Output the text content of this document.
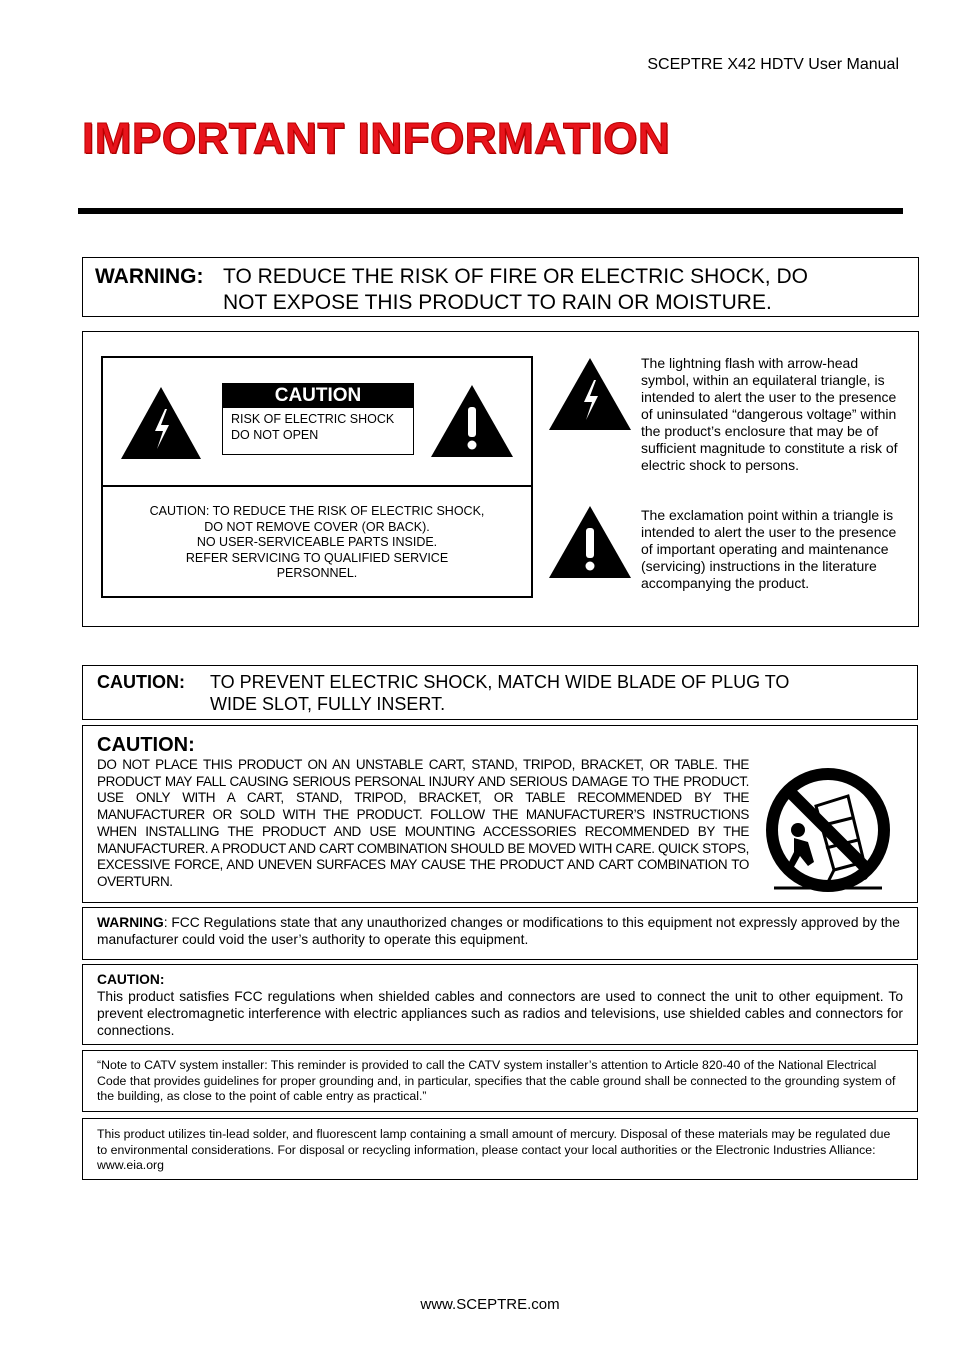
SCEPTRE X42 HDTV User Manual
IMPORTANT INFORMATION
WARNING: TO REDUCE THE RISK OF FIRE OR ELECTRIC SHOCK, DO
NOT EXPOSE THIS PRODUCT TO RAIN OR MOISTURE.
CAUTION
RISK OF ELECTRIC SHOCK
DO NOT OPEN
CAUTION: TO REDUCE THE RISK OF ELECTRIC SHOCK,
DO NOT REMOVE COVER (OR BACK).
NO USER-SERVICEABLE PARTS INSIDE.
REFER SERVICING TO QUALIFIED SERVICE
PERSONNEL.
The lightning flash with arrow-head symbol, within an equilateral triangle, is intended to alert the user to the presence of uninsulated “dangerous voltage” within the product’s enclosure that may be of sufficient magnitude to constitute a risk of electric shock to persons.
The exclamation point within a triangle is intended to alert the user to the presence of important operating and maintenance (servicing) instructions in the literature accompanying the product.
CAUTION:	TO PREVENT ELECTRIC SHOCK, MATCH WIDE BLADE OF PLUG TO
WIDE SLOT, FULLY INSERT.
CAUTION:
DO NOT PLACE THIS PRODUCT ON AN UNSTABLE CART, STAND, TRIPOD, BRACKET, OR TABLE. THE PRODUCT MAY FALL CAUSING SERIOUS PERSONAL INJURY AND SERIOUS DAMAGE TO THE PRODUCT. USE ONLY WITH A CART, STAND, TRIPOD, BRACKET, OR TABLE RECOMMENDED BY THE MANUFACTURER OR SOLD WITH THE PRODUCT. FOLLOW THE MANUFACTURER’S INSTRUCTIONS WHEN INSTALLING THE PRODUCT AND USE MOUNTING ACCESSORIES RECOMMENDED BY THE MANUFACTURER. A PRODUCT AND CART COMBINATION SHOULD BE MOVED WITH CARE. QUICK STOPS, EXCESSIVE FORCE, AND UNEVEN SURFACES MAY CAUSE THE PRODUCT AND CART COMBINATION TO OVERTURN.
WARNING: FCC Regulations state that any unauthorized changes or modifications to this equipment not expressly approved by the manufacturer could void the user’s authority to operate this equipment.
CAUTION:
This product satisfies FCC regulations when shielded cables and connectors are used to connect the unit to other equipment. To prevent electromagnetic interference with electric appliances such as radios and televisions, use shielded cables and connectors for connections.
“Note to CATV system installer: This reminder is provided to call the CATV system installer’s attention to Article 820-40 of the National Electrical Code that provides guidelines for proper grounding and, in particular, specifies that the cable ground shall be connected to the grounding system of the building, as close to the point of cable entry as practical.”
This product utilizes tin-lead solder, and fluorescent lamp containing a small amount of mercury. Disposal of these materials may be regulated due to environmental considerations. For disposal or recycling information, please contact your local authorities or the Electronic Industries Alliance: www.eia.org
www.SCEPTRE.com
